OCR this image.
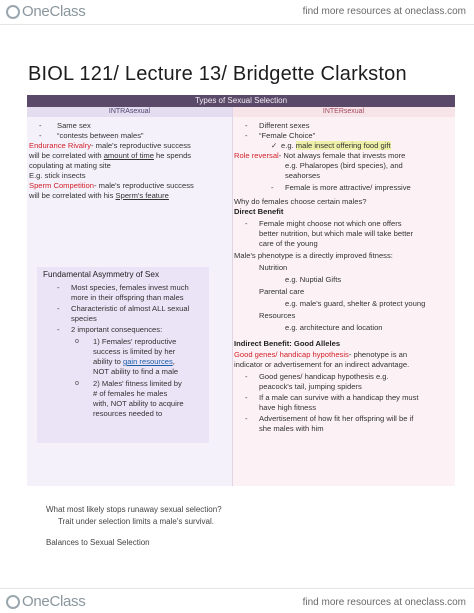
OneClass	find more resources at oneclass.com
BIOL 121/ Lecture 13/ Bridgette Clarkston
Types of Sexual Selection
INTRAsexual	INTERsexual
- Same sex
- “contests between males”
Endurance Rivalry- male's reproductive success
will be correlated with amount of time he spends
copulating at mating site
E.g. stick insects
Sperm Competition- male's reproductive success
will be correlated with his Sperm's feature
Fundamental Asymmetry of Sex
- Most species, females invest much
more in their offspring than males
- Characteristic of almost ALL sexual
species
- 2 important consequences:
o 1) Females' reproductive
success is limited by her
ability to gain resources,
NOT ability to find a male
o 2) Males' fitness limited by
# of females he males
with, NOT ability to acquire
resources needed to
- Different sexes
- “Female Choice”
✓ e.g. male insect offering food gift
Role reversal- Not always female that invests more
e.g. Phalaropes (bird species), and
seahorses
- Female is more attractive/ impressive
Why do females choose certain males?
Direct Benefit
- Female might choose not which one offers
better nutrition, but which male will take better
care of the young
Male's phenotype is a directly improved fitness:
Nutrition
e.g. Nuptial Gifts
Parental care
e.g. male's guard, shelter & protect young
Resources
e.g. architecture and location
Indirect Benefit: Good Alleles
Good genes/ handicap hypothesis- phenotype is an
indicator or advertisement for an indirect advantage.
- Good genes/ handicap hypothesis e.g.
peacock's tail, jumping spiders
- If a male can survive with a handicap they must
have high fitness
- Advertisement of how fit her offspring will be if
she males with him
What most likely stops runaway sexual selection?
Trait under selection limits a male's survival.
Balances to Sexual Selection
OneClass	find more resources at oneclass.com
